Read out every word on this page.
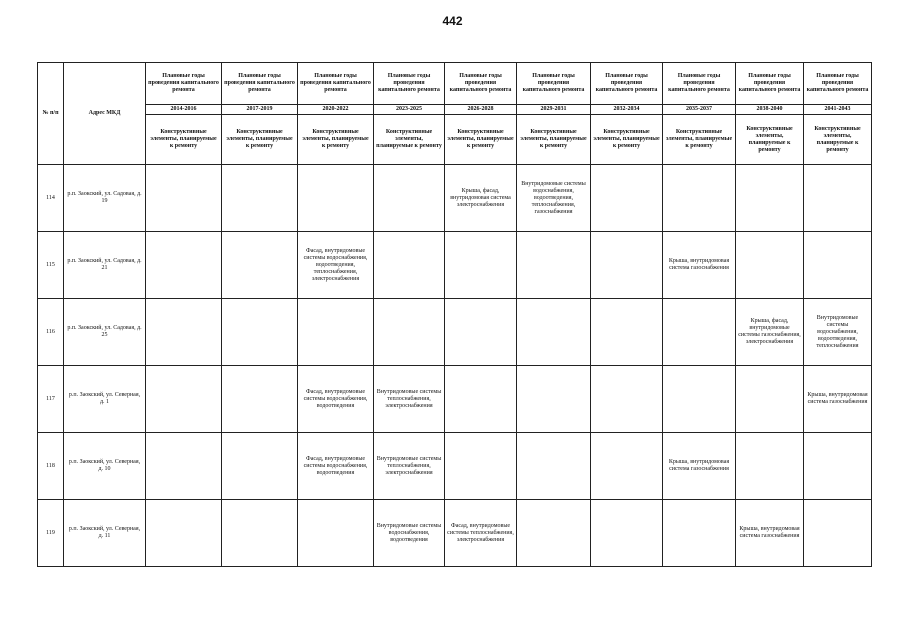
442
№ п/п	Адрес МКД	Плановые годы проведения капитального ремонта	Плановые годы проведения капитального ремонта	Плановые годы проведения капитального ремонта	Плановые годы проведения капитального ремонта	Плановые годы проведения капитального ремонта	Плановые годы проведения капитального ремонта	Плановые годы проведения капитального ремонта	Плановые годы проведения капитального ремонта	Плановые годы проведения капитального ремонта	Плановые годы проведения капитального ремонта
		2014-2016	2017-2019	2020-2022	2023-2025	2026-2028	2029-2031	2032-2034	2035-2037	2038-2040	2041-2043
		Конструктивные элементы, планируемые к ремонту	Конструктивные элементы, планируемые к ремонту	Конструктивные элементы, планируемые к ремонту	Конструктивные элементы, планируемые к ремонту	Конструктивные элементы, планируемые к ремонту	Конструктивные элементы, планируемые к ремонту	Конструктивные элементы, планируемые к ремонту	Конструктивные элементы, планируемые к ремонту	Конструктивные элементы, планируемые к ремонту	Конструктивные элементы, планируемые к ремонту
114	р.п. Заокский, ул. Садовая, д. 19					Крыша, фасад, внутридомовая система электроснабжения	Внутридомовые системы водоснабжения, водоотведения, теплоснабжения, газоснабжения				
115	р.п. Заокский, ул. Садовая, д. 21			Фасад, внутридомовые системы водоснабжения, водоотведения, теплоснабжения, электроснабжения					Крыша, внутридомовая система газоснабжения		
116	р.п. Заокский, ул. Садовая, д. 25									Крыша, фасад, внутридомовые системы газоснабжения, электроснабжения	Внутридомовые системы водоснабжения, водоотведения, теплоснабжения
117	р.п. Заокский, ул. Северная, д. 1			Фасад, внутридомовые системы водоснабжения, водоотведения	Внутридомовые системы теплоснабжения, электроснабжения						Крыша, внутридомовая система газоснабжения
118	р.п. Заокский, ул. Северная, д. 10			Фасад, внутридомовые системы водоснабжения, водоотведения	Внутридомовые системы теплоснабжения, электроснабжения				Крыша, внутридомовая система газоснабжения		
119	р.п. Заокский, ул. Северная, д. 11				Внутридомовые системы водоснабжения, водоотведения	Фасад, внутридомовые системы теплоснабжения, электроснабжения				Крыша, внутридомовая система газоснабжения	
